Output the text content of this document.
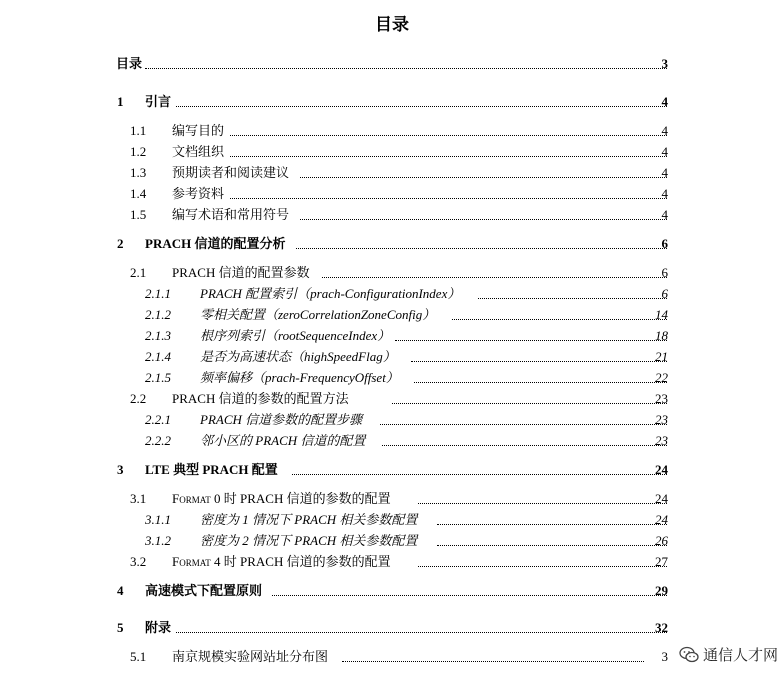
目录
目录	3
1 引言	4
1.1 编写目的	4
1.2 文档组织	4
1.3 预期读者和阅读建议	4
1.4 参考资料	4
1.5 编写术语和常用符号	4
2 PRACH 信道的配置分析	6
2.1 PRACH 信道的配置参数	6
2.1.1 PRACH 配置索引（prach-ConfigurationIndex）	6
2.1.2 零相关配置（zeroCorrelationZoneConfig）	14
2.1.3 根序列索引（rootSequenceIndex）	18
2.1.4 是否为高速状态（highSpeedFlag）	21
2.1.5 频率偏移（prach-FrequencyOffset）	22
2.2 PRACH 信道的参数的配置方法	23
2.2.1 PRACH 信道参数的配置步骤	23
2.2.2 邻小区的 PRACH 信道的配置	23
3 LTE 典型 PRACH 配置	24
3.1 Format 0 时 PRACH 信道的参数的配置	24
3.1.1 密度为 1 情况下 PRACH 相关参数配置	24
3.1.2 密度为 2 情况下 PRACH 相关参数配置	26
3.2 Format 4 时 PRACH 信道的参数的配置	27
4 高速模式下配置原则	29
5 附录	32
5.1 南京规模实验网站址分布图	3 通信人才网
